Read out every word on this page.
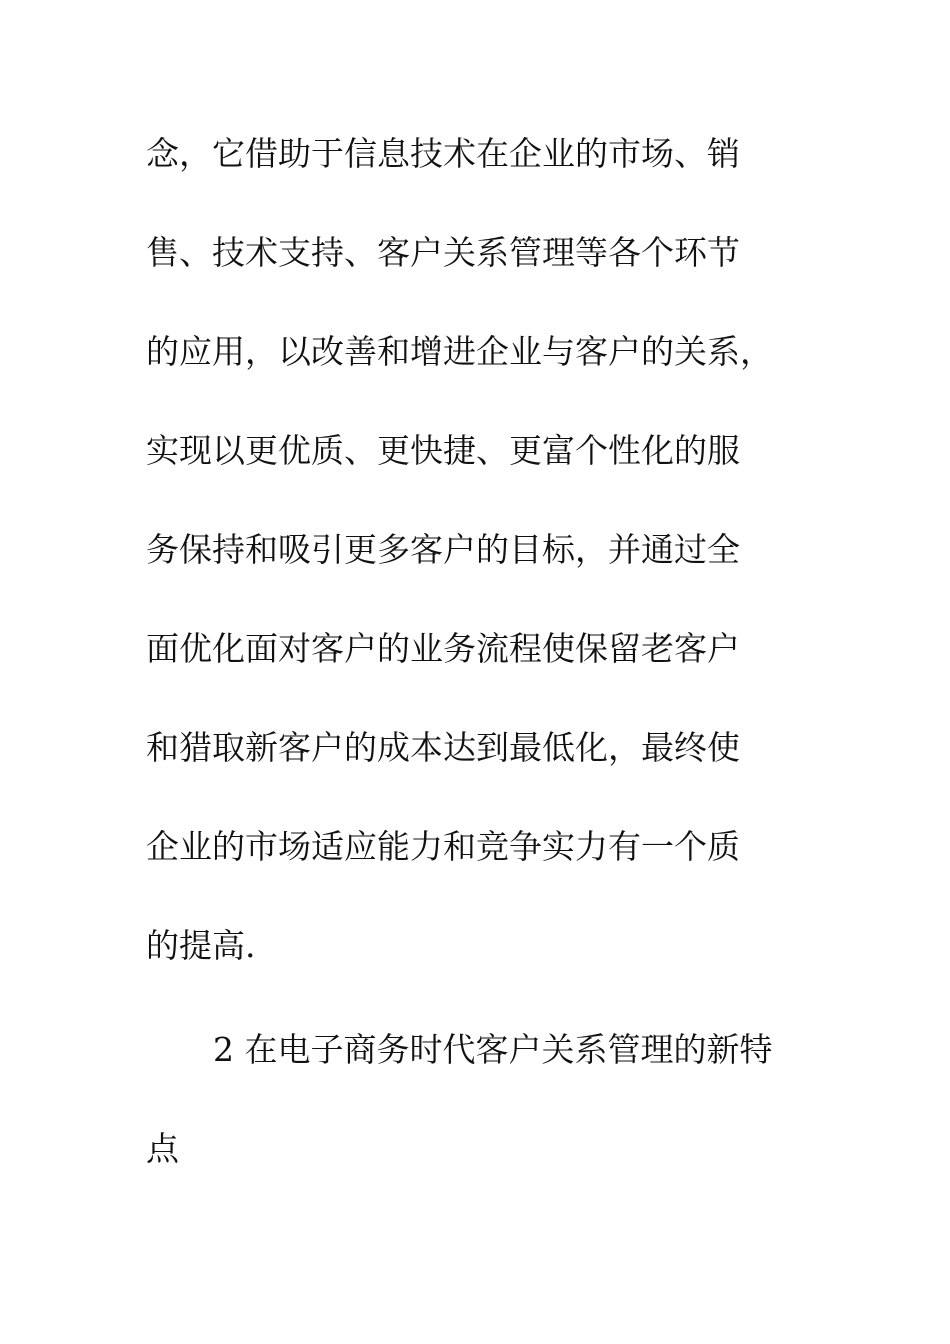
念，它借助于信息技术在企业的市场、销
售、技术支持、客户关系管理等各个环节
的应用，以改善和增进企业与客户的关系，
实现以更优质、更快捷、更富个性化的服
务保持和吸引更多客户的目标，并通过全
面优化面对客户的业务流程使保留老客户
和猎取新客户的成本达到最低化，最终使
企业的市场适应能力和竞争实力有一个质
的提高.
2 在电子商务时代客户关系管理的新特
点
